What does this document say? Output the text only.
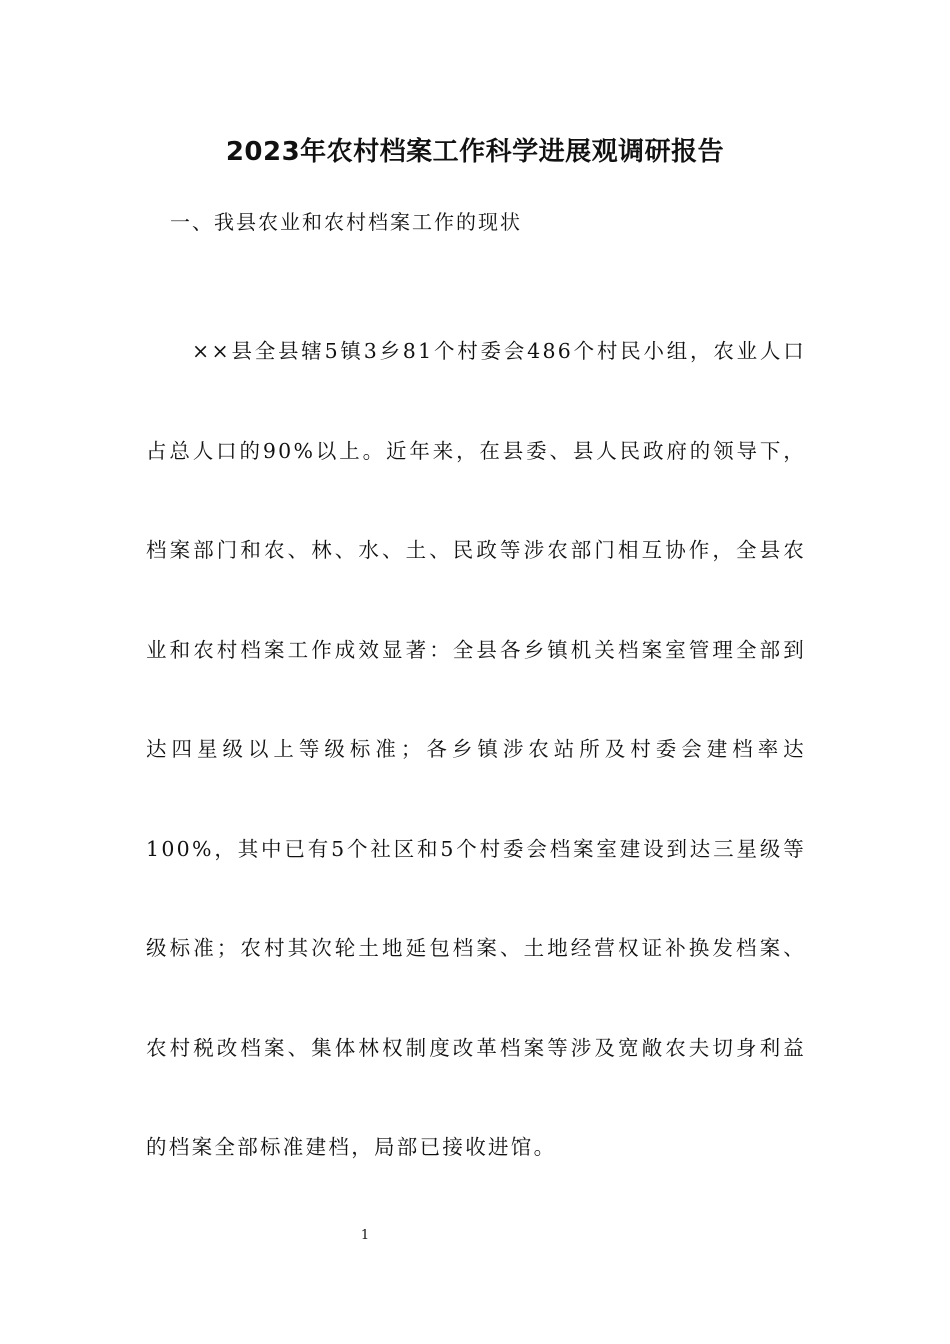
2023年农村档案工作科学进展观调研报告
一、我县农业和农村档案工作的现状

××县全县辖5镇3乡81个村委会486个村民小组，农业人口占总人口的90%以上。近年来，在县委、县人民政府的领导下，档案部门和农、林、水、土、民政等涉农部门相互协作，全县农业和农村档案工作成效显著：全县各乡镇机关档案室管理全部到达四星级以上等级标准；各乡镇涉农站所及村委会建档率达100%，其中已有5个社区和5个村委会档案室建设到达三星级等级标准；农村其次轮土地延包档案、土地经营权证补换发档案、农村税改档案、集体林权制度改革档案等涉及宽敞农夫切身利益的档案全部标准建档，局部已接收进馆。

1
